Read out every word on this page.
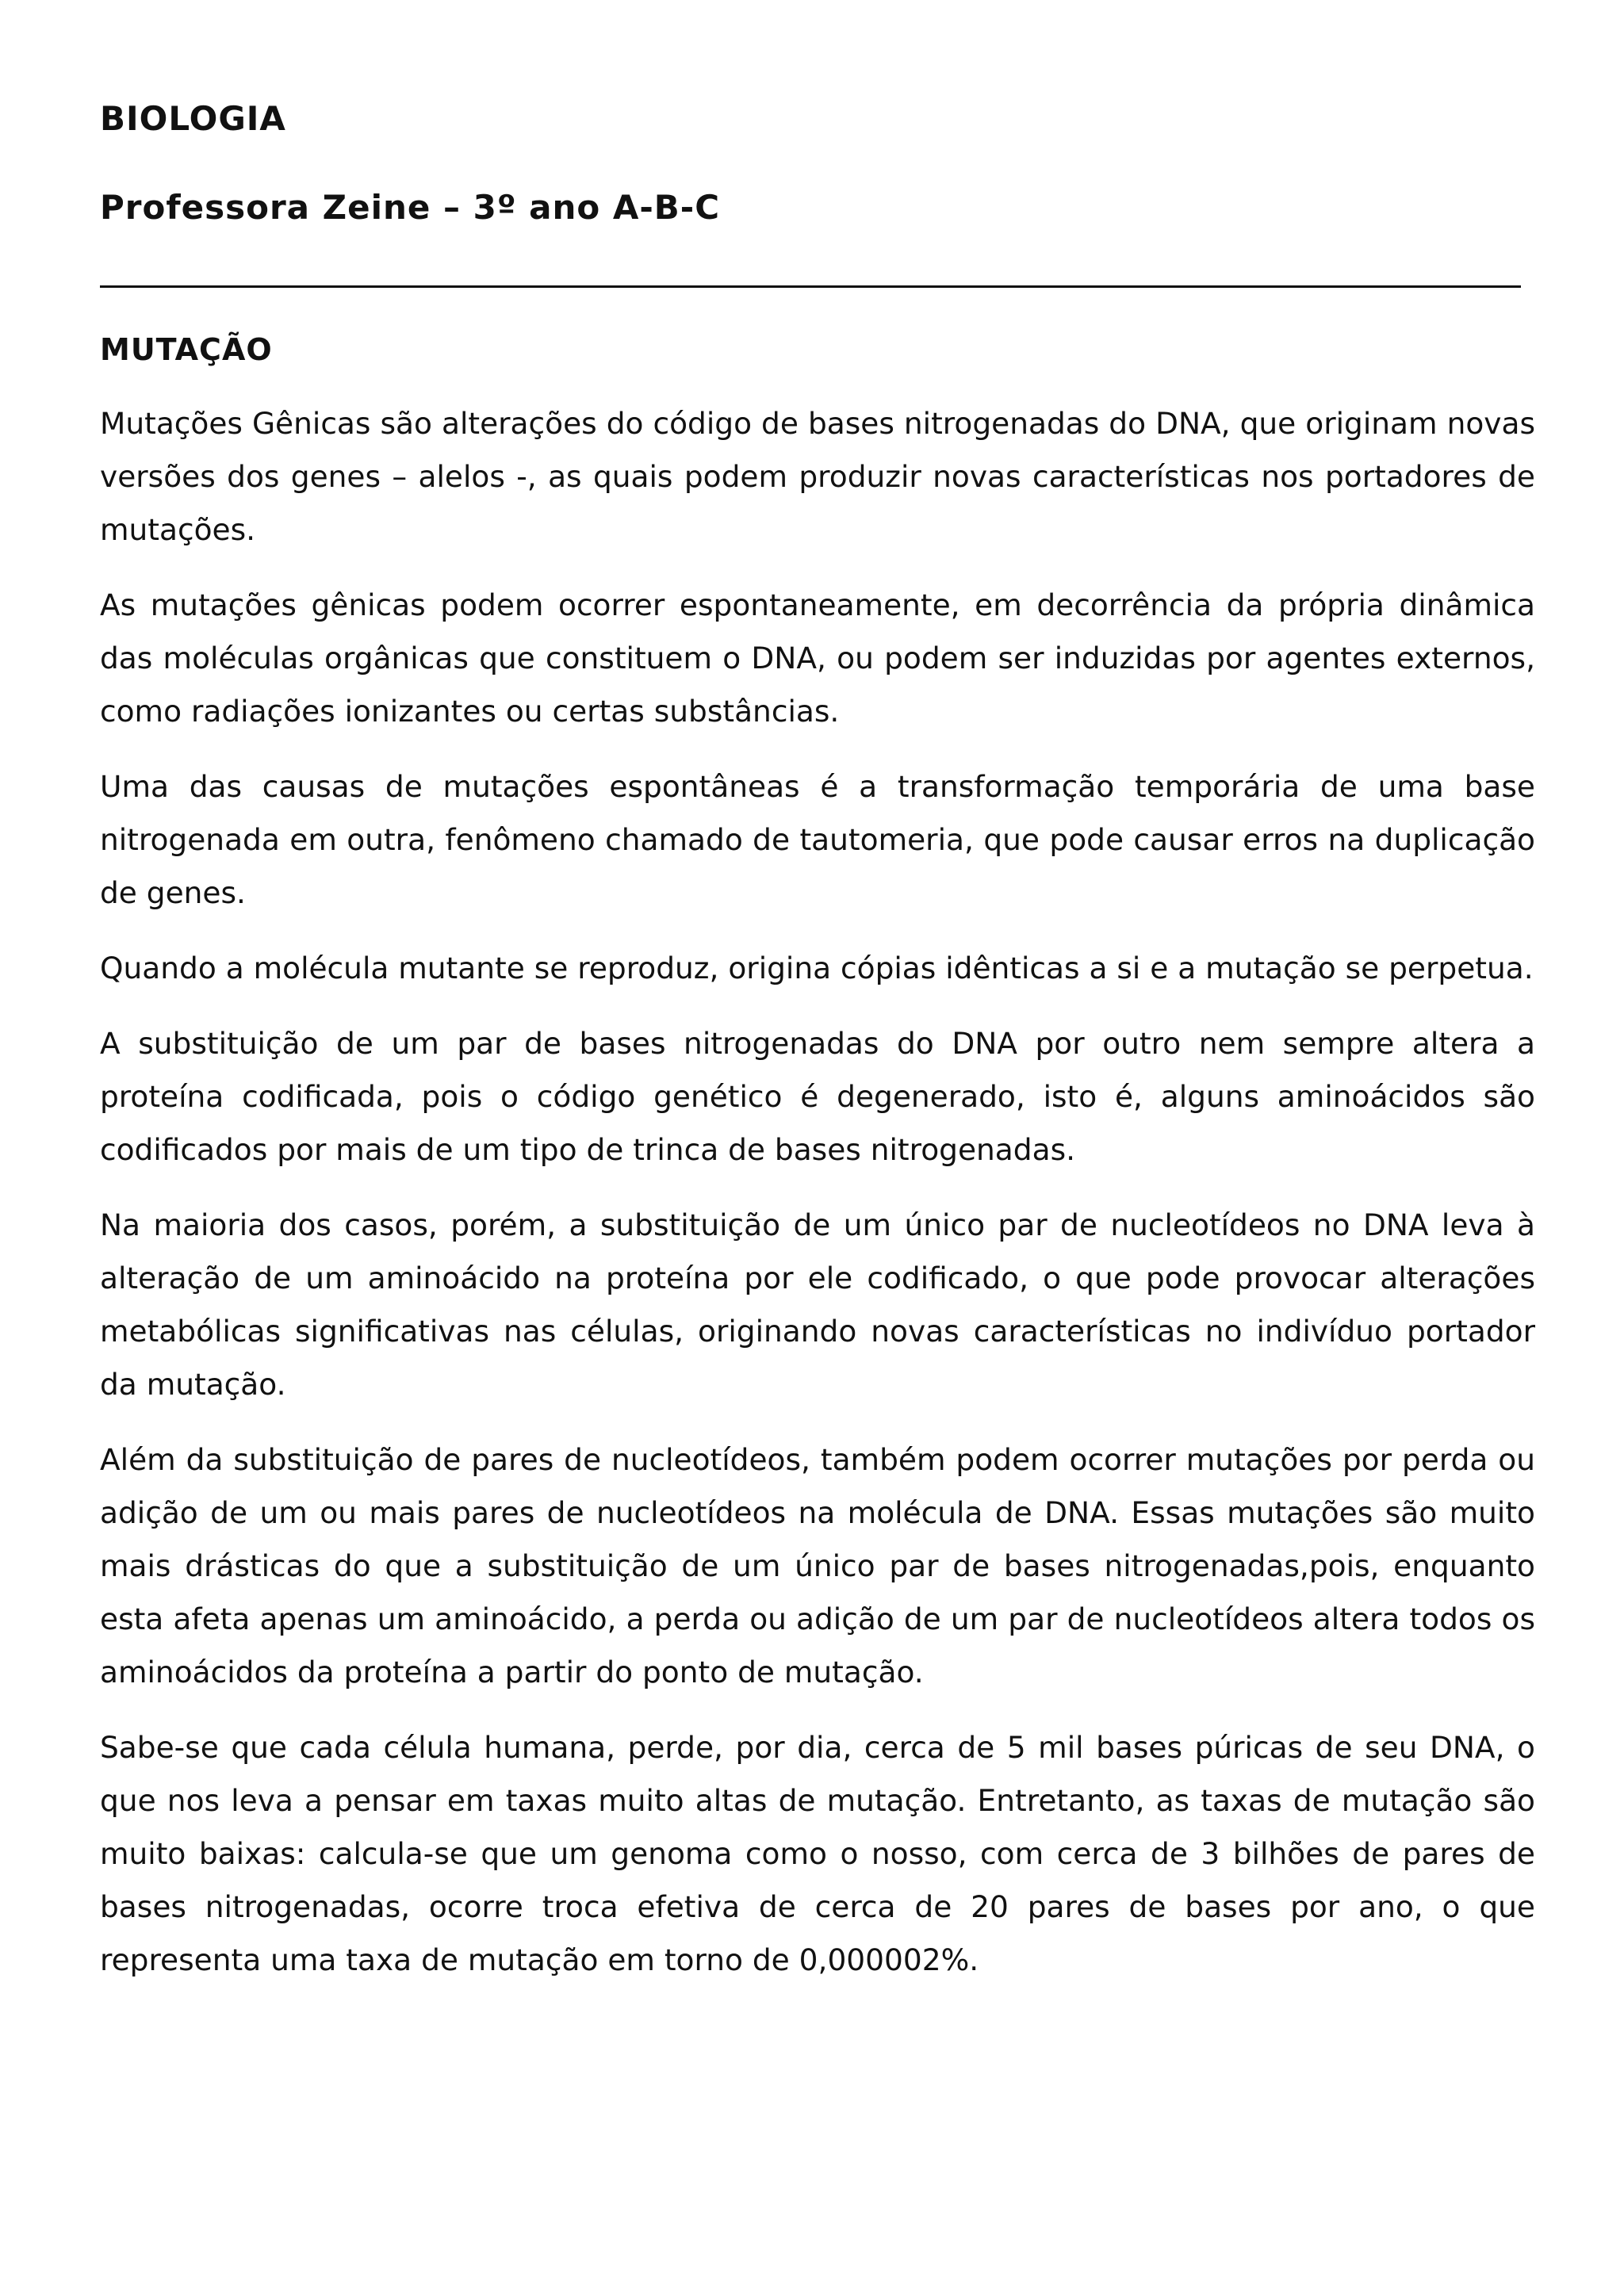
BIOLOGIA

Professora Zeine – 3º ano A-B-C

MUTAÇÃO

Mutações Gênicas são alterações do código de bases nitrogenadas do DNA, que originam novas versões dos genes – alelos -, as quais podem produzir novas características nos portadores de mutações.

As mutações gênicas podem ocorrer espontaneamente, em decorrência da própria dinâmica das moléculas orgânicas que constituem o DNA, ou podem ser induzidas por agentes externos, como radiações ionizantes ou certas substâncias.

Uma das causas de mutações espontâneas é a transformação temporária de uma base nitrogenada em outra, fenômeno chamado de tautomeria, que pode causar erros na duplicação de genes.

Quando a molécula mutante se reproduz, origina cópias idênticas a si e a mutação se perpetua.

A substituição de um par de bases nitrogenadas do DNA por outro nem sempre altera a proteína codificada, pois o código genético é degenerado, isto é, alguns aminoácidos são codificados por mais de um tipo de trinca de bases nitrogenadas.

Na maioria dos casos, porém, a substituição de um único par de nucleotídeos no DNA leva à alteração de um aminoácido na proteína por ele codificado, o que pode provocar alterações metabólicas significativas nas células, originando novas características no indivíduo portador da mutação.

Além da substituição de pares de nucleotídeos, também podem ocorrer mutações por perda ou adição de um ou mais pares de nucleotídeos na molécula de DNA. Essas mutações são muito mais drásticas do que a substituição de um único par de bases nitrogenadas,pois, enquanto esta afeta apenas um aminoácido, a perda ou adição de um par de nucleotídeos altera todos os aminoácidos da proteína a partir do ponto de mutação.

Sabe-se que cada célula humana, perde, por dia, cerca de 5 mil bases púricas de seu DNA, o que nos leva a pensar em taxas muito altas de mutação. Entretanto, as taxas de mutação são muito baixas: calcula-se que um genoma como o nosso, com cerca de 3 bilhões de pares de bases nitrogenadas, ocorre troca efetiva de cerca de 20 pares de bases por ano, o que representa uma taxa de mutação em torno de 0,000002%.
